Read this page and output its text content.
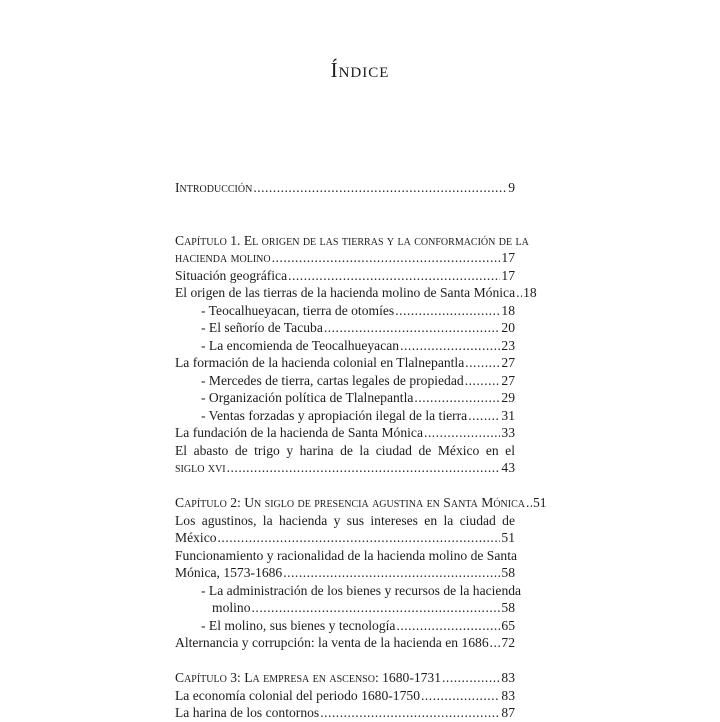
Índice
Introducción .....	9
Capítulo 1. El origen de las tierras y la conformación de la
hacienda molino .....	17
Situación geográfica .....	17
El origen de las tierras de la hacienda molino de Santa Mónica ..... 18
- Teocalhueyacan, tierra de otomíes .....	18
- El señorío de Tacuba .....	20
- La encomienda de Teocalhueyacan .....	23
La formación de la hacienda colonial en Tlalnepantla .....	27
- Mercedes de tierra, cartas legales de propiedad .....	27
- Organización política de Tlalnepantla .....	29
- Ventas forzadas y apropiación ilegal de la tierra .....	31
La fundación de la hacienda de Santa Mónica .....	33
El abasto de trigo y harina de la ciudad de México en el
siglo xvi .....	43
Capítulo 2: Un siglo de presencia agustina en Santa Mónica ..... 51
Los agustinos, la hacienda y sus intereses en la ciudad de
México .....	51
Funcionamiento y racionalidad de la hacienda molino de Santa
Mónica, 1573-1686 .....	58
- La administración de los bienes y recursos de la hacienda
molino .....	58
- El molino, sus bienes y tecnología .....	65
Alternancia y corrupción: la venta de la hacienda en 1686 ..... 72
Capítulo 3: La empresa en ascenso: 1680-1731 .....	83
La economía colonial del periodo 1680-1750 .....	83
La harina de los contornos .....	87
